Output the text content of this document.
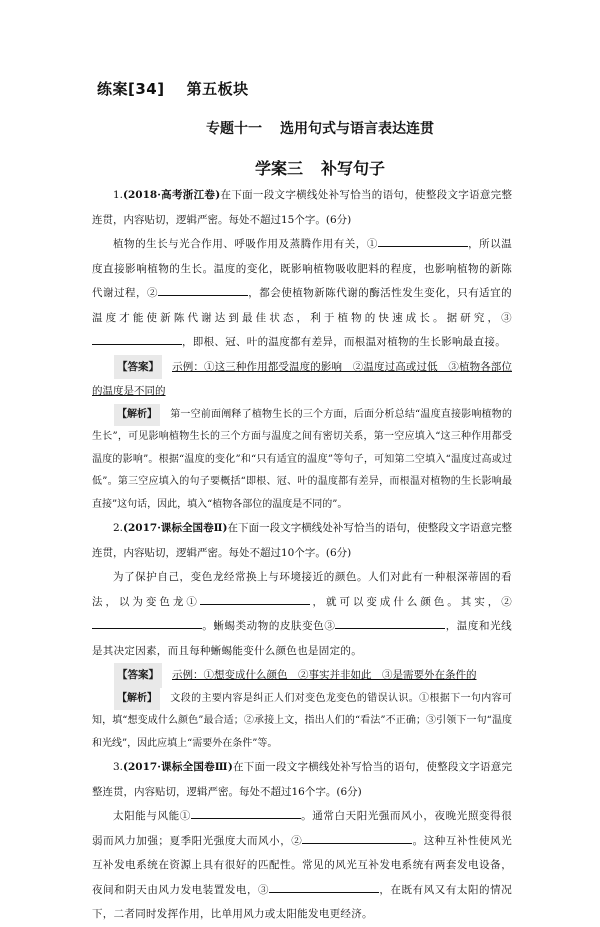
练案[34] 第五板块
专题十一 选用句式与语言表达连贯
学案三 补写句子

1.(2018·高考浙江卷)在下面一段文字横线处补写恰当的语句，使整段文字语意完整连贯，内容贴切，逻辑严密。每处不超过15个字。(6分)

植物的生长与光合作用、呼吸作用及蒸腾作用有关，①	，所以温度直接影响植物的生长。温度的变化，既影响植物吸收肥料的程度，也影响植物的新陈代谢过程，②	，都会使植物新陈代谢的酶活性发生变化，只有适宜的温度才能使新陈代谢达到最佳状态，利于植物的快速成长。据研究，③，即根、冠、叶的温度都有差异，而根温对植物的生长影响最直接。

【答案】 示例：①这三种作用都受温度的影响　②温度过高或过低　③植物各部位的温度是不同的

【解析】 第一空前面阐释了植物生长的三个方面，后面分析总结“温度直接影响植物的生长”，可见影响植物生长的三个方面与温度之间有密切关系，第一空应填入“这三种作用都受温度的影响”。根据“温度的变化”和“只有适宜的温度”等句子，可知第二空填入“温度过高或过低”。第三空应填入的句子要概括“即根、冠、叶的温度都有差异，而根温对植物的生长影响最直接”这句话，因此，填入“植物各部位的温度是不同的”。

2.(2017·课标全国卷Ⅱ)在下面一段文字横线处补写恰当的语句，使整段文字语意完整连贯，内容贴切，逻辑严密。每处不超过10个字。(6分)

为了保护自己，变色龙经常换上与环境接近的颜色。人们对此有一种根深蒂固的看法，以为变色龙①	，就可以变成什么颜色。其实，②。蜥蜴类动物的皮肤变色③	，温度和光线是其决定因素，而且每种蜥蜴能变什么颜色也是固定的。

【答案】 示例：①想变成什么颜色　②事实并非如此　③是需要外在条件的

【解析】 文段的主要内容是纠正人们对变色龙变色的错误认识。①根据下一句内容可知，填“想变成什么颜色”最合适；②承接上文，指出人们的“看法”不正确；③引领下一句“温度和光线”，因此应填上“需要外在条件”等。

3.(2017·课标全国卷Ⅲ)在下面一段文字横线处补写恰当的语句，使整段文字语意完整连贯，内容贴切，逻辑严密。每处不超过16个字。(6分)

太阳能与风能①	。通常白天阳光强而风小，夜晚光照变得很弱而风力加强；夏季阳光强度大而风小，②	。这种互补性使风光互补发电系统在资源上具有很好的匹配性。常见的风光互补发电系统有两套发电设备，夜间和阴天由风力发电装置发电，③	，在既有风又有太阳的情况下，二者同时发挥作用，比单用风力或太阳能发电更经济。
